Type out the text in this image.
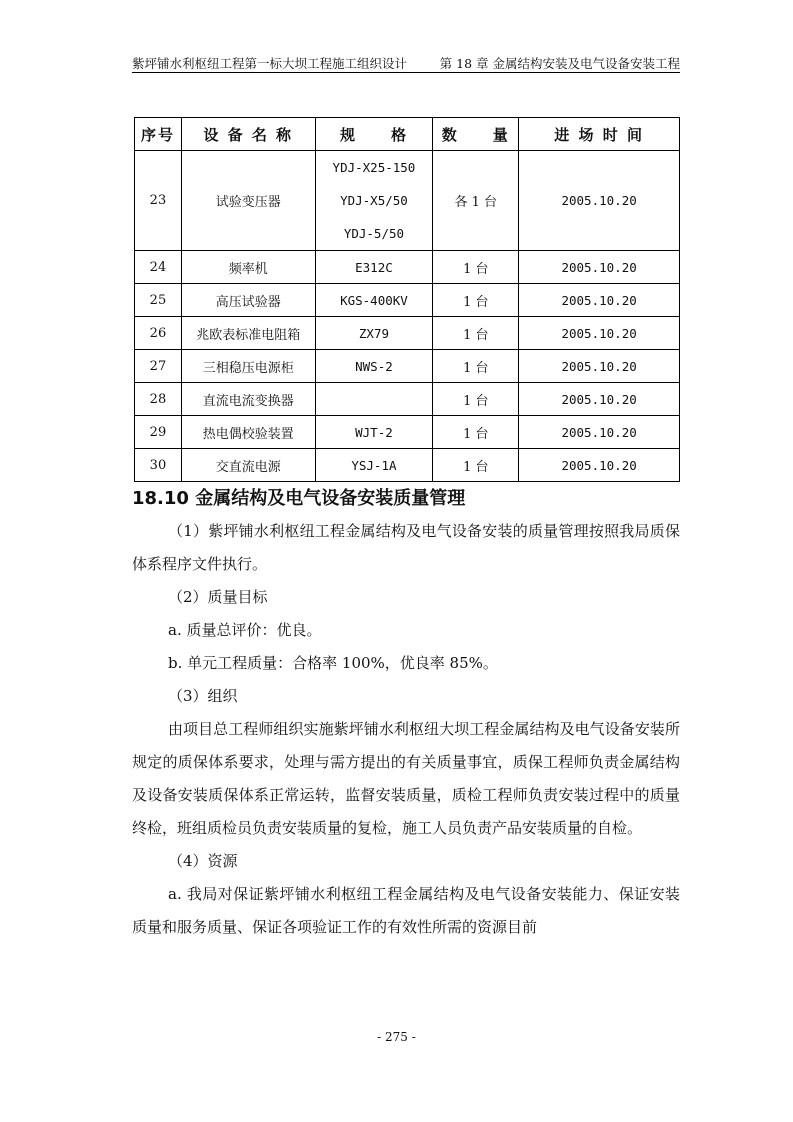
紫坪铺水利枢纽工程第一标大坝工程施工组织设计	第 18 章 金属结构安装及电气设备安装工程
序号	设 备 名 称	规　　格	数　　量	进 场 时 间
23	试验变压器	YDJ-X25-150
YDJ-X5/50
YDJ-5/50	各 1 台	2005.10.20
24	频率机	E312C	1 台	2005.10.20
25	高压试验器	KGS-400KV	1 台	2005.10.20
26	兆欧表标准电阻箱	ZX79	1 台	2005.10.20
27	三相稳压电源柜	NWS-2	1 台	2005.10.20
28	直流电流变换器		1 台	2005.10.20
29	热电偶校验装置	WJT-2	1 台	2005.10.20
30	交直流电源	YSJ-1A	1 台	2005.10.20
18.10 金属结构及电气设备安装质量管理

（1）紫坪铺水利枢纽工程金属结构及电气设备安装的质量管理按照我局质保体系程序文件执行。

（2）质量目标

a. 质量总评价：优良。

b. 单元工程质量：合格率 100%，优良率 85%。

（3）组织

由项目总工程师组织实施紫坪铺水利枢纽大坝工程金属结构及电气设备安装所规定的质保体系要求，处理与需方提出的有关质量事宜，质保工程师负责金属结构及设备安装质保体系正常运转，监督安装质量，质检工程师负责安装过程中的质量终检，班组质检员负责安装质量的复检，施工人员负责产品安装质量的自检。

（4）资源

a. 我局对保证紫坪铺水利枢纽工程金属结构及电气设备安装能力、保证安装质量和服务质量、保证各项验证工作的有效性所需的资源目前

- 275 -
